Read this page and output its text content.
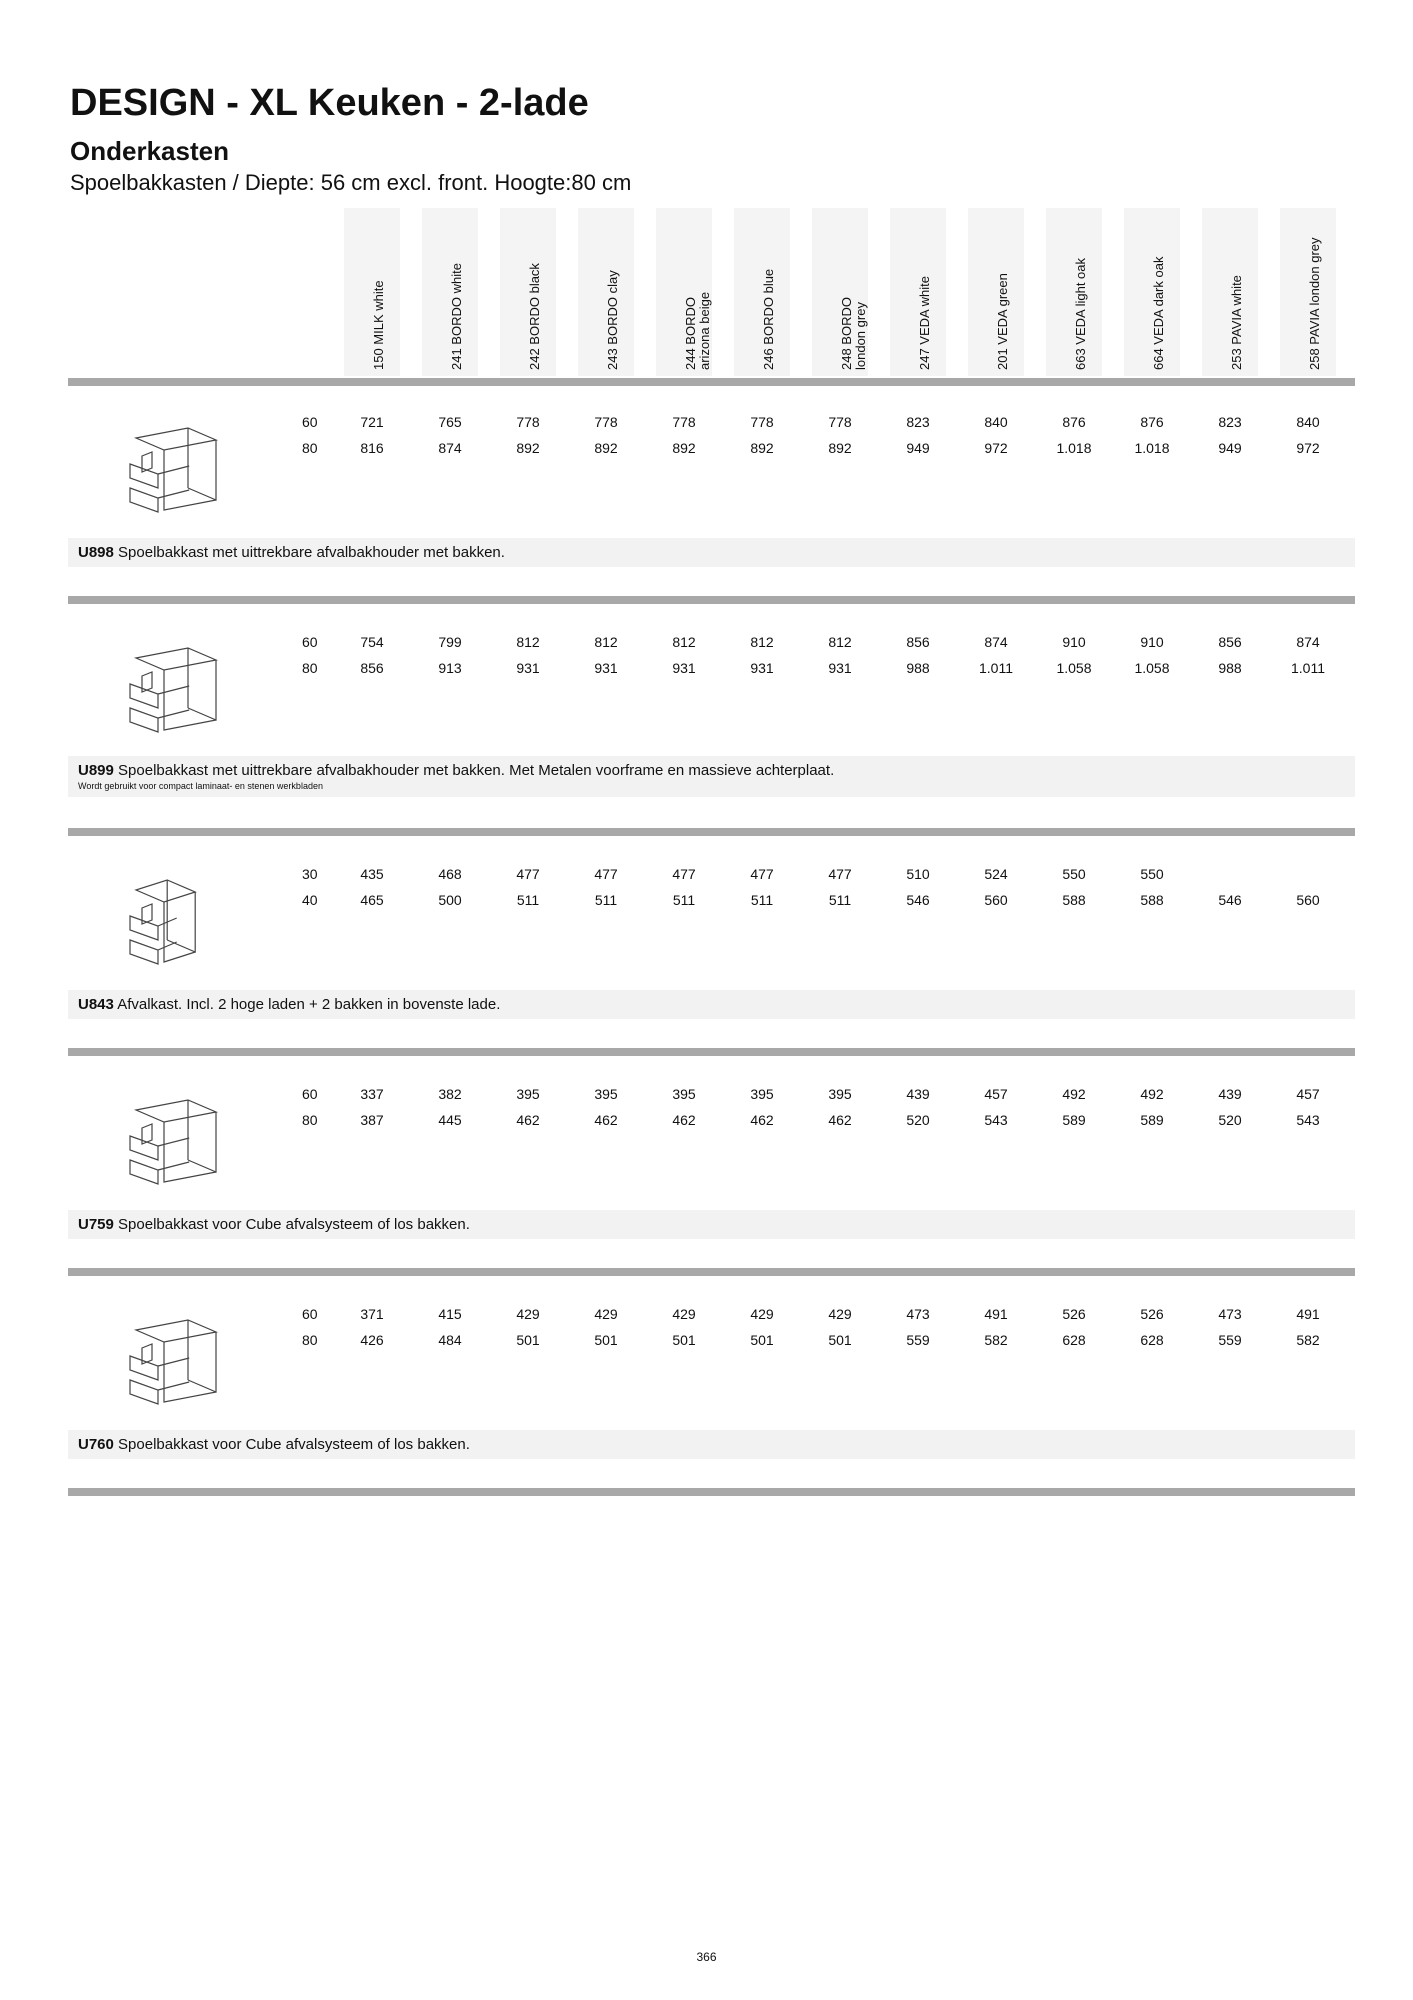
DESIGN - XL Keuken - 2-lade
Onderkasten

Spoelbakkasten / Diepte: 56 cm excl. front. Hoogte:80 cm

150 MILK white	241 BORDO white	242 BORDO black	243 BORDO clay	244 BORDO arizona beige	246 BORDO blue	248 BORDO london grey	247 VEDA white	201 VEDA green	663 VEDA light oak	664 VEDA dark oak	253 PAVIA white	258 PAVIA london grey
60	721	765	778	778	778	778	778	823	840	876	876	823	840
80	816	874	892	892	892	892	892	949	972	1.018	1.018	949	972
U898 Spoelbakkast met uittrekbare afvalbakhouder met bakken.
60	754	799	812	812	812	812	812	856	874	910	910	856	874
80	856	913	931	931	931	931	931	988	1.011	1.058	1.058	988	1.011
U899 Spoelbakkast met uittrekbare afvalbakhouder met bakken. Met Metalen voorframe en massieve achterplaat.
Wordt gebruikt voor compact laminaat- en stenen werkbladen
30	435	468	477	477	477	477	477	510	524	550	550
40	465	500	511	511	511	511	511	546	560	588	588	546	560
U843 Afvalkast. Incl. 2 hoge laden + 2 bakken in bovenste lade.
60	337	382	395	395	395	395	395	439	457	492	492	439	457
80	387	445	462	462	462	462	462	520	543	589	589	520	543
U759 Spoelbakkast voor Cube afvalsysteem of los bakken.
60	371	415	429	429	429	429	429	473	491	526	526	473	491
80	426	484	501	501	501	501	501	559	582	628	628	559	582
U760 Spoelbakkast voor Cube afvalsysteem of los bakken.
366
